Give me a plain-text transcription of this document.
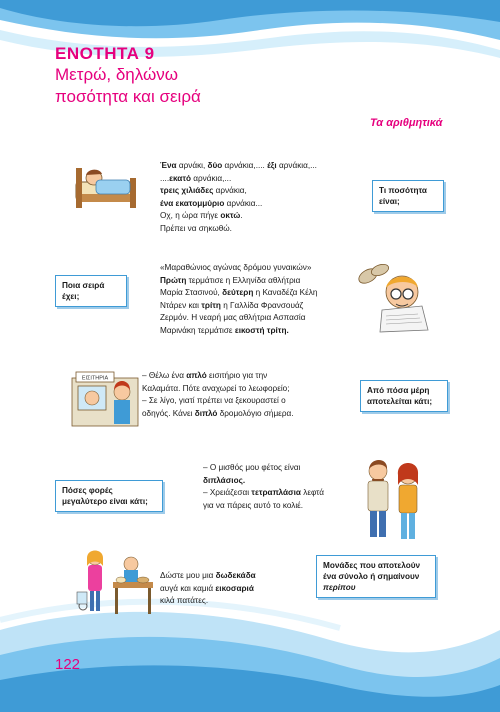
ΕΝΟΤΗΤΑ 9
Μετρώ, δηλώνω
ποσότητα και σειρά
Τα αριθμητικά
Ένα αρνάκι, δύο αρνάκια,.... έξι αρνάκια,...
....εκατό αρνάκια,...
τρεις χιλιάδες αρνάκια,
ένα εκατομμύριο αρνάκια...
Οχ, η ώρα πήγε οκτώ.
Πρέπει να σηκωθώ.
Τι ποσότητα
είναι;
Ποια σειρά
έχει;
«Μαραθώνιος αγώνας δρόμου γυναικών»
Πρώτη τερμάτισε η Ελληνίδα αθλήτρια
Μαρία Στασινού, δεύτερη η Καναδέζα Κέλη
Ντάρεν και τρίτη η Γαλλίδα Φρανσουάζ
Ζερμόν. Η νεαρή μας αθλήτρια Ασπασία
Μαρινάκη τερμάτισε εικοστή τρίτη.
ΕΙΣΙΤΗΡΙΑ	– Θέλω ένα απλό εισιτήριο για την
Καλαμάτα. Πότε αναχωρεί το λεωφορείο;
– Σε λίγο, γιατί πρέπει να ξεκουραστεί ο
οδηγός. Κάνει διπλό δρομολόγιο σήμερα.
Από πόσα μέρη
αποτελείται κάτι;
Πόσες φορές
μεγαλύτερο είναι κάτι;
– Ο μισθός μου φέτος είναι
διπλάσιος.
– Χρειάζεσαι τετραπλάσια λεφτά
για να πάρεις αυτό το κολιέ.
Δώστε μου μια δωδεκάδα
αυγά και καμιά εικοσαριά
κιλά πατάτες.
Μονάδες που αποτελούν
ένα σύνολο ή σημαίνουν
περίπου
122
